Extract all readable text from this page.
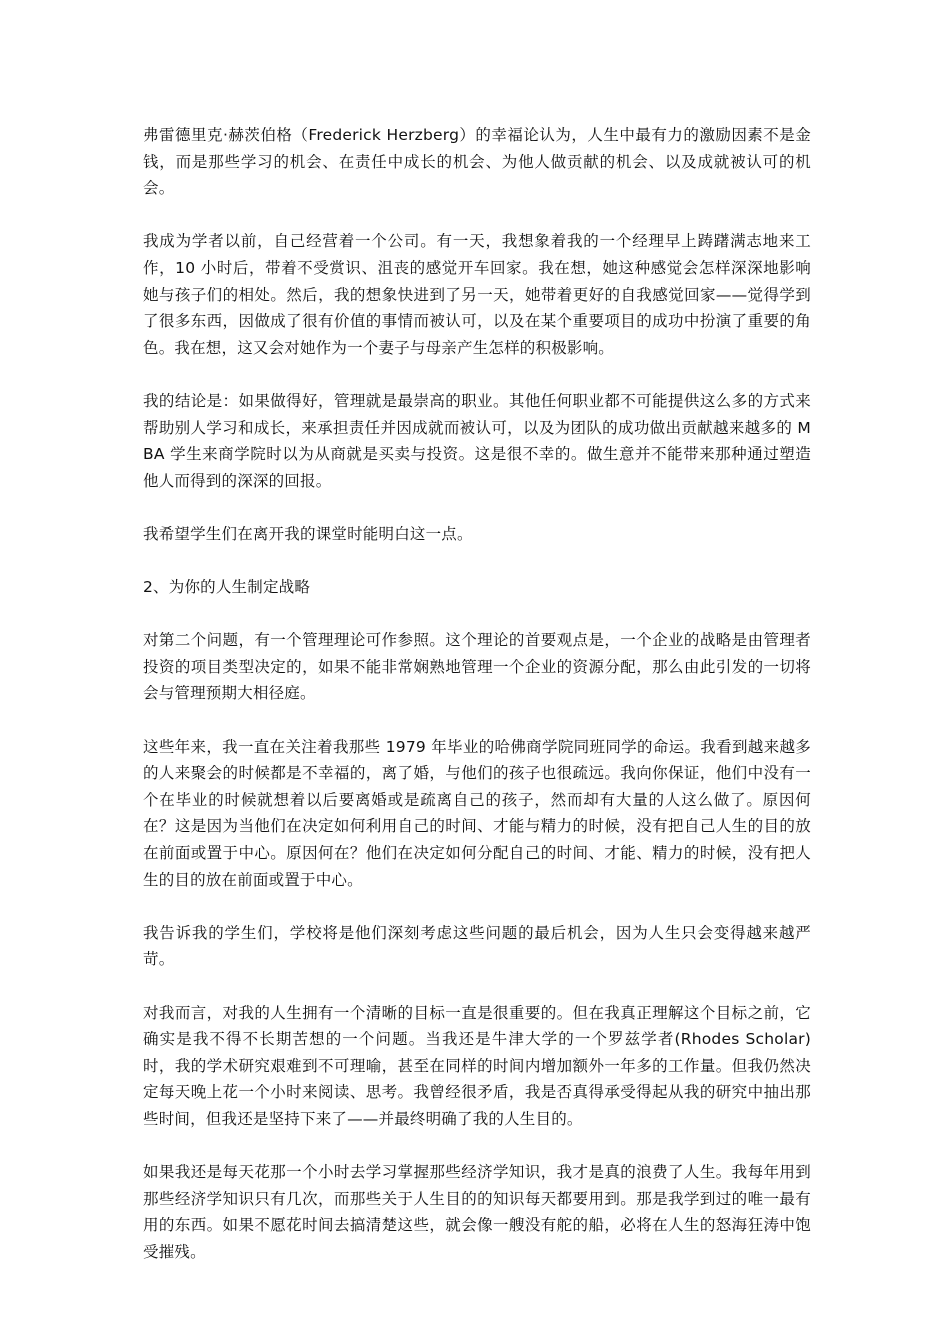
弗雷德里克·赫茨伯格（Frederick Herzberg）的幸福论认为，人生中最有力的激励因素不是金钱，而是那些学习的机会、在责任中成长的机会、为他人做贡献的机会、以及成就被认可的机会。

我成为学者以前，自己经营着一个公司。有一天，我想象着我的一个经理早上踌躇满志地来工作，10 小时后，带着不受赏识、沮丧的感觉开车回家。我在想，她这种感觉会怎样深深地影响她与孩子们的相处。然后，我的想象快进到了另一天，她带着更好的自我感觉回家——觉得学到了很多东西，因做成了很有价值的事情而被认可，以及在某个重要项目的成功中扮演了重要的角色。我在想，这又会对她作为一个妻子与母亲产生怎样的积极影响。

我的结论是：如果做得好，管理就是最崇高的职业。其他任何职业都不可能提供这么多的方式来帮助别人学习和成长，来承担责任并因成就而被认可，以及为团队的成功做出贡献越来越多的 MBA 学生来商学院时以为从商就是买卖与投资。这是很不幸的。做生意并不能带来那种通过塑造他人而得到的深深的回报。

我希望学生们在离开我的课堂时能明白这一点。

2、为你的人生制定战略

对第二个问题，有一个管理理论可作参照。这个理论的首要观点是，一个企业的战略是由管理者投资的项目类型决定的，如果不能非常娴熟地管理一个企业的资源分配，那么由此引发的一切将会与管理预期大相径庭。

这些年来，我一直在关注着我那些 1979 年毕业的哈佛商学院同班同学的命运。我看到越来越多的人来聚会的时候都是不幸福的，离了婚，与他们的孩子也很疏远。我向你保证，他们中没有一个在毕业的时候就想着以后要离婚或是疏离自己的孩子，然而却有大量的人这么做了。原因何在？这是因为当他们在决定如何利用自己的时间、才能与精力的时候，没有把自己人生的目的放在前面或置于中心。原因何在？他们在决定如何分配自己的时间、才能、精力的时候，没有把人生的目的放在前面或置于中心。

我告诉我的学生们，学校将是他们深刻考虑这些问题的最后机会，因为人生只会变得越来越严苛。

对我而言，对我的人生拥有一个清晰的目标一直是很重要的。但在我真正理解这个目标之前，它确实是我不得不长期苦想的一个问题。当我还是牛津大学的一个罗兹学者(Rhodes Scholar)时，我的学术研究艰难到不可理喻，甚至在同样的时间内增加额外一年多的工作量。但我仍然决定每天晚上花一个小时来阅读、思考。我曾经很矛盾，我是否真得承受得起从我的研究中抽出那些时间，但我还是坚持下来了——并最终明确了我的人生目的。

如果我还是每天花那一个小时去学习掌握那些经济学知识，我才是真的浪费了人生。我每年用到那些经济学知识只有几次，而那些关于人生目的的知识每天都要用到。那是我学到过的唯一最有用的东西。如果不愿花时间去搞清楚这些，就会像一艘没有舵的船，必将在人生的怒海狂涛中饱受摧残。
